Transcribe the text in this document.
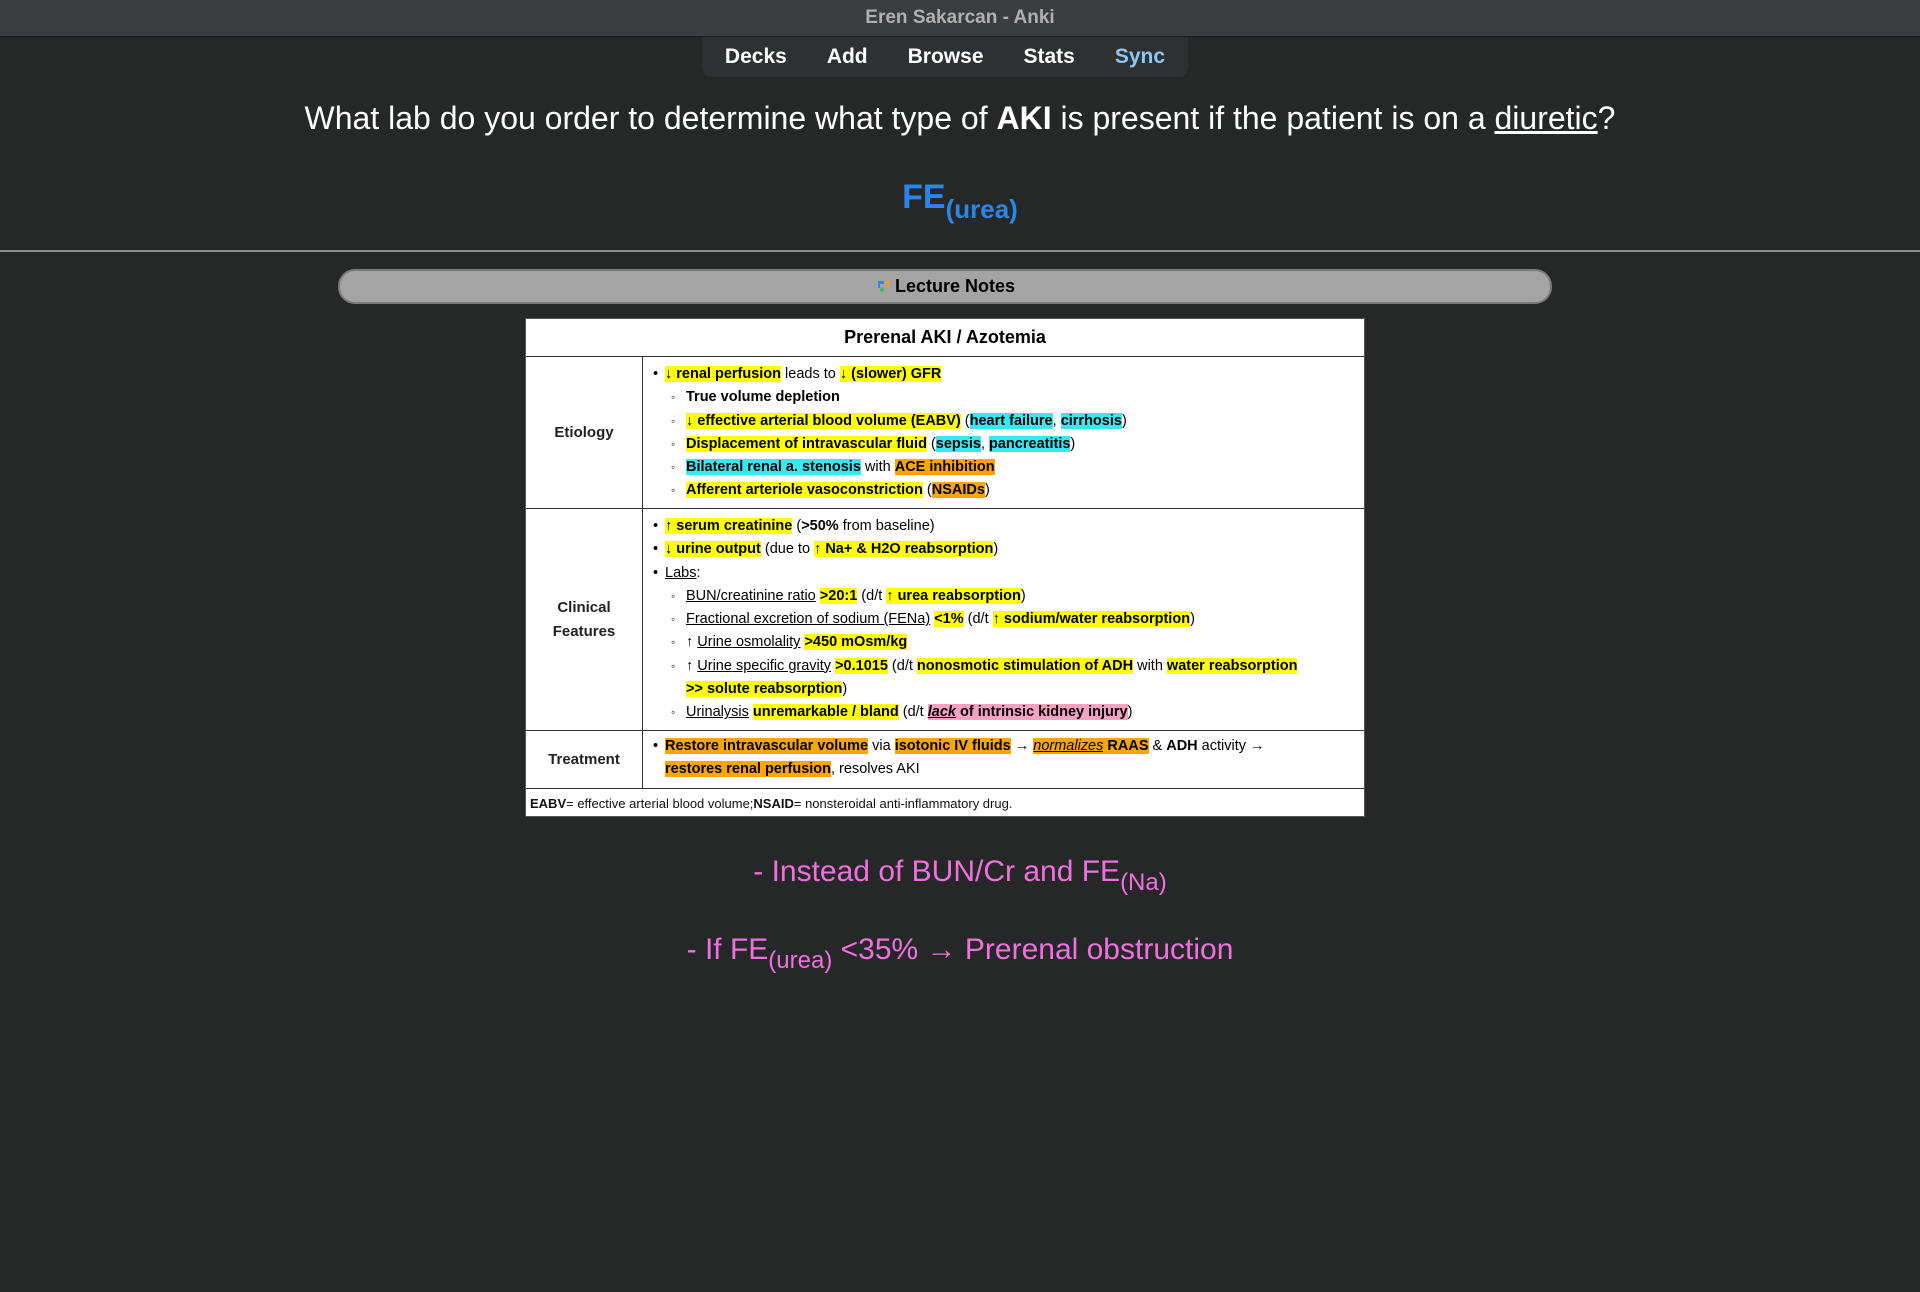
Eren Sakarcan - Anki
Decks	Add	Browse	Stats	Sync
What lab do you order to determine what type of AKI is present if the patient is on a diuretic?
$FE_{(urea)}$
Lecture Notes
Prerenal AKI / Azotemia
Etiology
• ↓ renal perfusion leads to ↓ (slower) GFR
◦ True volume depletion
◦ ↓ effective arterial blood volume (EABV) (heart failure, cirrhosis)
◦ Displacement of intravascular fluid (sepsis, pancreatitis)
◦ Bilateral renal a. stenosis with ACE inhibition
◦ Afferent arteriole vasoconstriction (NSAIDs)
Clinical
Features
• ↑ serum creatinine (>50% from baseline)
• ↓ urine output (due to ↑ Na+ & H2O reabsorption)
• Labs:
◦ BUN/creatinine ratio >20:1 (d/t ↑ urea reabsorption)
◦ Fractional excretion of sodium (FENa) <1% (d/t ↑ sodium/water reabsorption)
◦ ↑ Urine osmolality >450 mOsm/kg
◦ ↑ Urine specific gravity >0.1015 (d/t nonosmotic stimulation of ADH with water reabsorption
>> solute reabsorption)
◦ Urinalysis unremarkable / bland (d/t lack of intrinsic kidney injury)
Treatment
• Restore intravascular volume via isotonic IV fluids → normalizes RAAS & ADH activity →
restores renal perfusion, resolves AKI
EABV = effective arterial blood volume; NSAID = nonsteroidal anti-inflammatory drug.
- Instead of BUN/Cr and $FE_{(Na)}$
- If $FE_{(urea)} <35\%$ → Prerenal obstruction
